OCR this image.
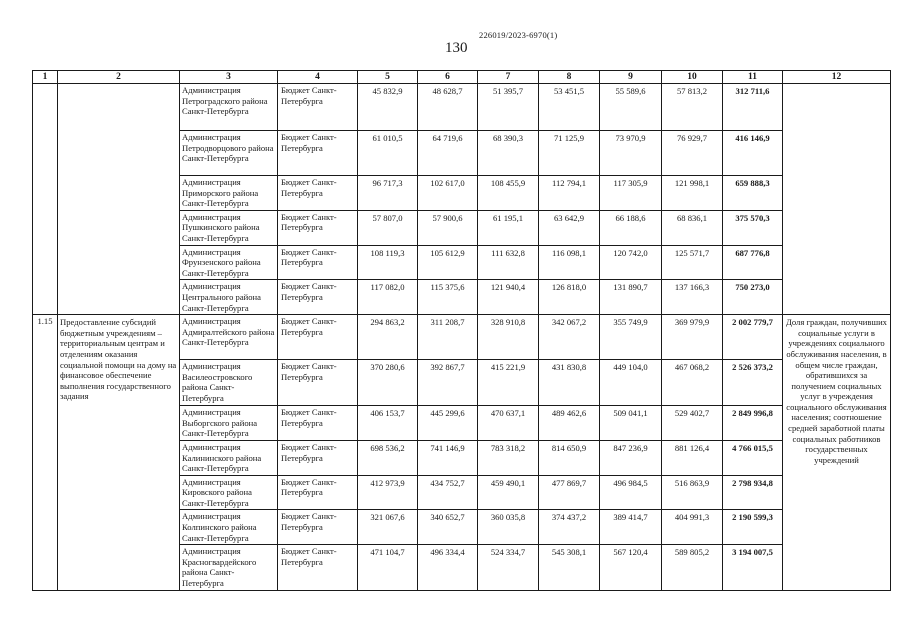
226019/2023-6970(1)
130
1	2	3	4	5	6	7	8	9	10	11	12
		Администрация Петроградского района Санкт-Петербурга	Бюджет Санкт-Петербурга	45 832,9	48 628,7	51 395,7	53 451,5	55 589,6	57 813,2	312 711,6	
		Администрация Петродворцового района Санкт-Петербурга	Бюджет Санкт-Петербурга	61 010,5	64 719,6	68 390,3	71 125,9	73 970,9	76 929,7	416 146,9	
		Администрация Приморского района Санкт-Петербурга	Бюджет Санкт-Петербурга	96 717,3	102 617,0	108 455,9	112 794,1	117 305,9	121 998,1	659 888,3	
		Администрация Пушкинского района Санкт-Петербурга	Бюджет Санкт-Петербурга	57 807,0	57 900,6	61 195,1	63 642,9	66 188,6	68 836,1	375 570,3	
		Администрация Фрунзенского района Санкт-Петербурга	Бюджет Санкт-Петербурга	108 119,3	105 612,9	111 632,8	116 098,1	120 742,0	125 571,7	687 776,8	
		Администрация Центрального района Санкт-Петербурга	Бюджет Санкт-Петербурга	117 082,0	115 375,6	121 940,4	126 818,0	131 890,7	137 166,3	750 273,0	
1.15	Предоставление субсидий бюджетным учреждениям – территориальным центрам и отделениям оказания социальной помощи на дому на финансовое обеспечение выполнения государственного задания	Администрация Адмиралтейского района Санкт-Петербурга	Бюджет Санкт-Петербурга	294 863,2	311 208,7	328 910,8	342 067,2	355 749,9	369 979,9	2 002 779,7	Доля граждан, получивших социальные услуги в учреждениях социального обслуживания населения, в общем числе граждан, обратившихся за получением социальных услуг в учреждения социального обслуживания населения; соотношение средней заработной платы социальных работников государственных учреждений
		Администрация Василеостровского района Санкт-Петербурга	Бюджет Санкт-Петербурга	370 280,6	392 867,7	415 221,9	431 830,8	449 104,0	467 068,2	2 526 373,2	
		Администрация Выборгского района Санкт-Петербурга	Бюджет Санкт-Петербурга	406 153,7	445 299,6	470 637,1	489 462,6	509 041,1	529 402,7	2 849 996,8	
		Администрация Калининского района Санкт-Петербурга	Бюджет Санкт-Петербурга	698 536,2	741 146,9	783 318,2	814 650,9	847 236,9	881 126,4	4 766 015,5	
		Администрация Кировского района Санкт-Петербурга	Бюджет Санкт-Петербурга	412 973,9	434 752,7	459 490,1	477 869,7	496 984,5	516 863,9	2 798 934,8	
		Администрация Колпинского района Санкт-Петербурга	Бюджет Санкт-Петербурга	321 067,6	340 652,7	360 035,8	374 437,2	389 414,7	404 991,3	2 190 599,3	
		Администрация Красногвардейского района Санкт-Петербурга	Бюджет Санкт-Петербурга	471 104,7	496 334,4	524 334,7	545 308,1	567 120,4	589 805,2	3 194 007,5	
